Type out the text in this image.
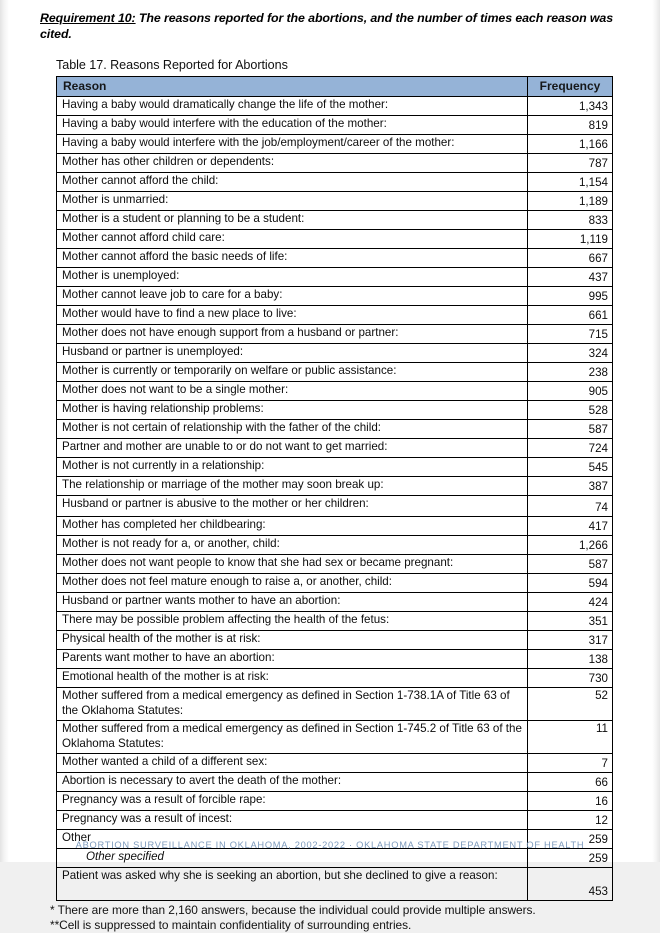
Requirement 10: The reasons reported for the abortions, and the number of times each reason was cited.

Table 17. Reasons Reported for Abortions
Reason	Frequency
Having a baby would dramatically change the life of the mother:	1,343
Having a baby would interfere with the education of the mother:	819
Having a baby would interfere with the job/employment/career of the mother:	1,166
Mother has other children or dependents:	787
Mother cannot afford the child:	1,154
Mother is unmarried:	1,189
Mother is a student or planning to be a student:	833
Mother cannot afford child care:	1,119
Mother cannot afford the basic needs of life:	667
Mother is unemployed:	437
Mother cannot leave job to care for a baby:	995
Mother would have to find a new place to live:	661
Mother does not have enough support from a husband or partner:	715
Husband or partner is unemployed:	324
Mother is currently or temporarily on welfare or public assistance:	238
Mother does not want to be a single mother:	905
Mother is having relationship problems:	528
Mother is not certain of relationship with the father of the child:	587
Partner and mother are unable to or do not want to get married:	724
Mother is not currently in a relationship:	545
The relationship or marriage of the mother may soon break up:	387
Husband or partner is abusive to the mother or her children:	74
Mother has completed her childbearing:	417
Mother is not ready for a, or another, child:	1,266
Mother does not want people to know that she had sex or became pregnant:	587
Mother does not feel mature enough to raise a, or another, child:	594
Husband or partner wants mother to have an abortion:	424
There may be possible problem affecting the health of the fetus:	351
Physical health of the mother is at risk:	317
Parents want mother to have an abortion:	138
Emotional health of the mother is at risk:	730
Mother suffered from a medical emergency as defined in Section 1-738.1A of Title 63 of the Oklahoma Statutes:	52
Mother suffered from a medical emergency as defined in Section 1-745.2 of Title 63 of the Oklahoma Statutes:	11
Mother wanted a child of a different sex:	7
Abortion is necessary to avert the death of the mother:	66
Pregnancy was a result of forcible rape:	16
Pregnancy was a result of incest:	12
Other	259
Other specified	259
Patient was asked why she is seeking an abortion, but she declined to give a reason:	453
* There are more than 2,160 answers, because the individual could provide multiple answers.
**Cell is suppressed to maintain confidentiality of surrounding entries.
ABORTION SURVEILLANCE IN OKLAHOMA, 2002-2022 · OKLAHOMA STATE DEPARTMENT OF HEALTH
